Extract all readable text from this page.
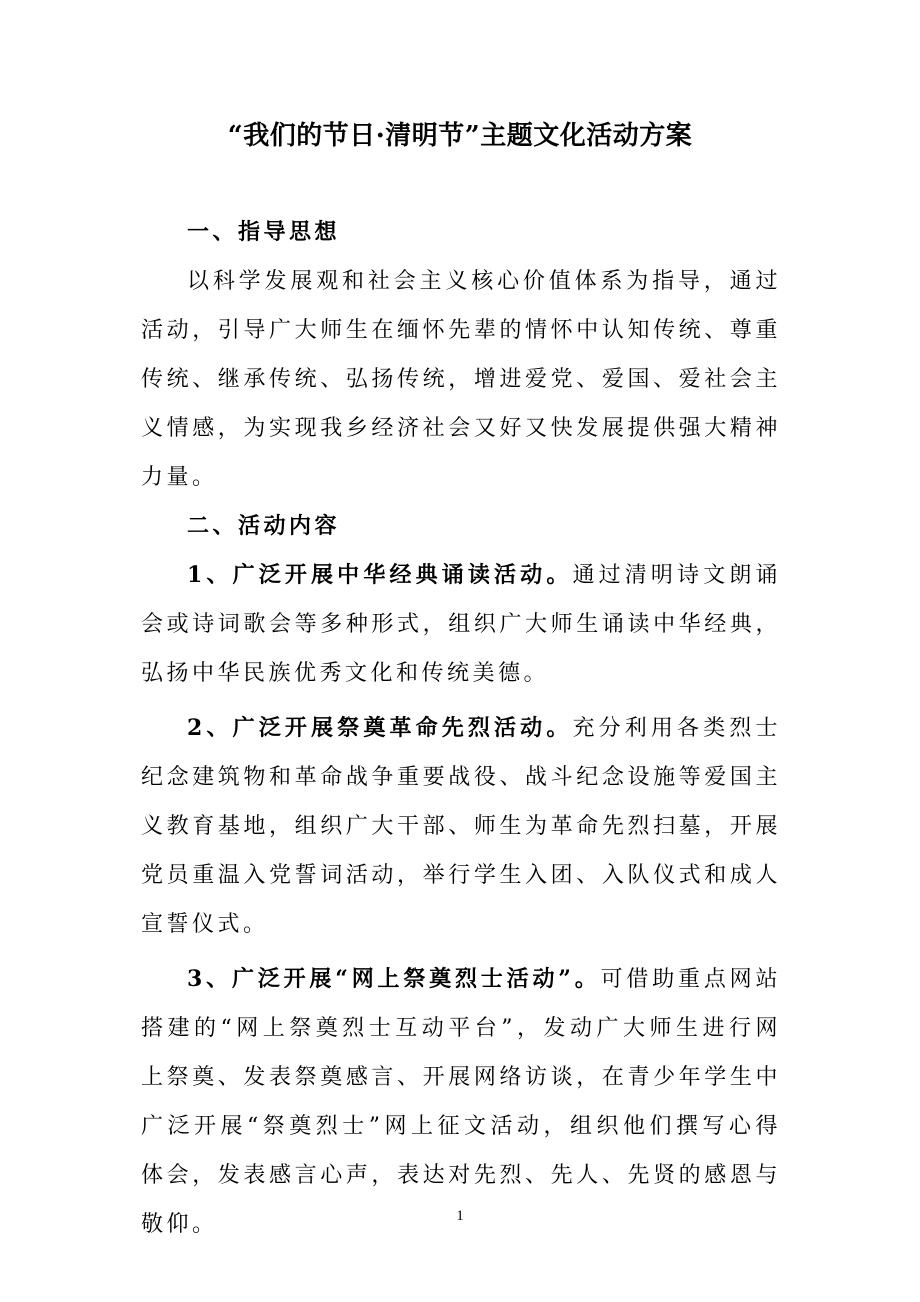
“我们的节日·清明节”主题文化活动方案

一、指导思想

以科学发展观和社会主义核心价值体系为指导，通过活动，引导广大师生在缅怀先辈的情怀中认知传统、尊重传统、继承传统、弘扬传统，增进爱党、爱国、爱社会主义情感，为实现我乡经济社会又好又快发展提供强大精神力量。

二、活动内容

1、广泛开展中华经典诵读活动。通过清明诗文朗诵会或诗词歌会等多种形式，组织广大师生诵读中华经典，弘扬中华民族优秀文化和传统美德。

2、广泛开展祭奠革命先烈活动。充分利用各类烈士纪念建筑物和革命战争重要战役、战斗纪念设施等爱国主义教育基地，组织广大干部、师生为革命先烈扫墓，开展党员重温入党誓词活动，举行学生入团、入队仪式和成人宣誓仪式。

3、广泛开展“网上祭奠烈士活动”。可借助重点网站搭建的“网上祭奠烈士互动平台”，发动广大师生进行网上祭奠、发表祭奠感言、开展网络访谈，在青少年学生中广泛开展“祭奠烈士”网上征文活动，组织他们撰写心得体会，发表感言心声，表达对先烈、先人、先贤的感恩与敬仰。	1
